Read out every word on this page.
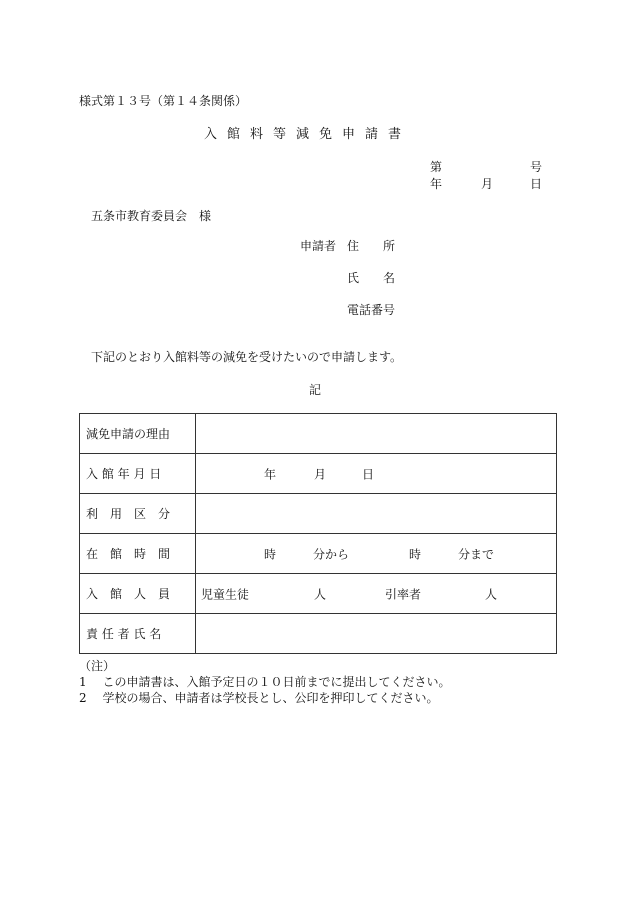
様式第１３号（第１４条関係）
入 館 料 等 減 免 申 請 書
第	号
年	月	日
五条市教育委員会　様
申請者 住　　所
氏　　名
電話番号
下記のとおり入館料等の減免を受けたいので申請します。
記
減免申請の理由	
入 館 年 月 日	年 月 日

利　用　区　分	
在　館　時　間	時 分から 時 分まで

入　館　人　員	児童生徒 人 引率者 人

責 任 者 氏 名	
（注）
1　 この申請書は、入館予定日の１０日前までに提出してください。
2　 学校の場合、申請者は学校長とし、公印を押印してください。
